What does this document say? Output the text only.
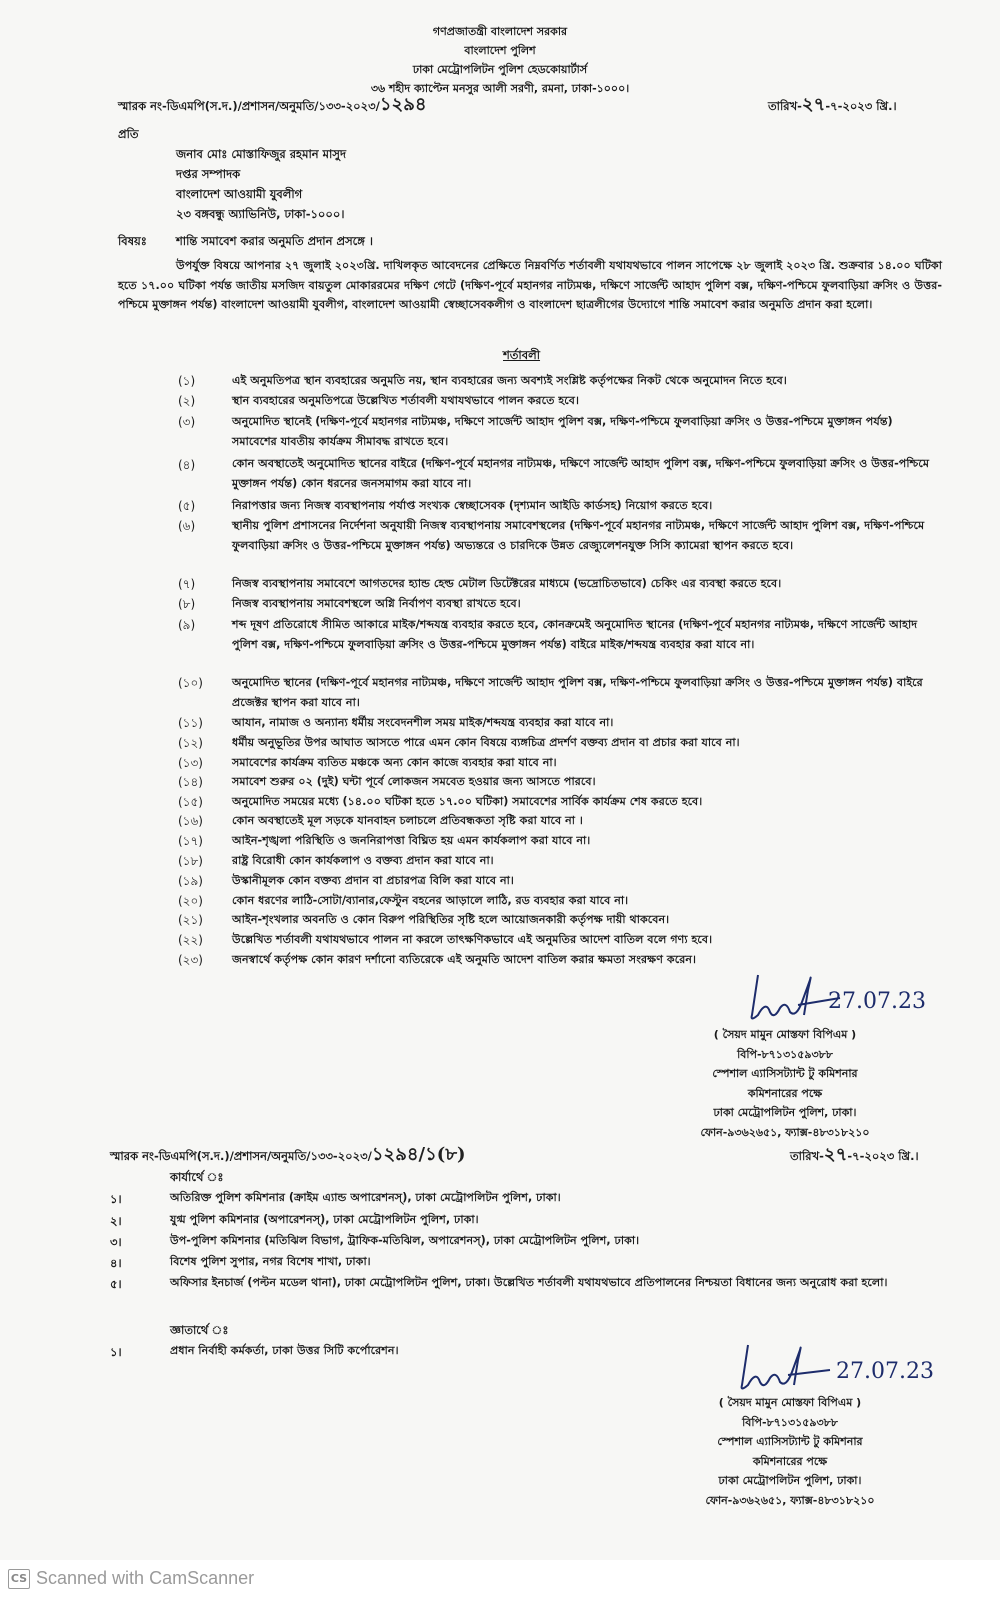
গণপ্রজাতন্ত্রী বাংলাদেশ সরকার
বাংলাদেশ পুলিশ
ঢাকা মেট্রোপলিটন পুলিশ হেডকোয়ার্টার্স
৩৬ শহীদ ক্যাপ্টেন মনসুর আলী সরণী, রমনা, ঢাকা-১০০০।
স্মারক নং-ডিএমপি(স.দ.)/প্রশাসন/অনুমতি/১৩৩-২০২৩/১২৯৪	তারিখ-২৭-৭-২০২৩ খ্রি.।
প্রতি
জনাব মোঃ মোস্তাফিজুর রহমান মাসুদ
দপ্তর সম্পাদক
বাংলাদেশ আওয়ামী যুবলীগ
২৩ বঙ্গবন্ধু অ্যাভিনিউ, ঢাকা-১০০০।
বিষয়ঃ	শান্তি সমাবেশ করার অনুমতি প্রদান প্রসঙ্গে ।
উপর্যুক্ত বিষয়ে আপনার ২৭ জুলাই ২০২৩খ্রি. দাখিলকৃত আবেদনের প্রেক্ষিতে নিম্নবর্ণিত শর্তাবলী যথাযথভাবে পালন সাপেক্ষে ২৮ জুলাই ২০২৩ খ্রি. শুক্রবার ১৪.০০ ঘটিকা হতে ১৭.০০ ঘটিকা পর্যন্ত জাতীয় মসজিদ বায়তুল মোকাররমের দক্ষিণ গেটে (দক্ষিণ-পূর্বে মহানগর নাট্যমঞ্চ, দক্ষিণে সার্জেন্ট আহাদ পুলিশ বক্স, দক্ষিণ-পশ্চিমে ফুলবাড়িয়া ক্রসিং ও উত্তর-পশ্চিমে মুক্তাঙ্গন পর্যন্ত) বাংলাদেশ আওয়ামী যুবলীগ, বাংলাদেশ আওয়ামী স্বেচ্ছাসেবকলীগ ও বাংলাদেশ ছাত্রলীগের উদ্যোগে শান্তি সমাবেশ করার অনুমতি প্রদান করা হলো।
শর্তাবলী
(১)	এই অনুমতিপত্র স্থান ব্যবহারের অনুমতি নয়, স্থান ব্যবহারের জন্য অবশ্যই সংশ্লিষ্ট কর্তৃপক্ষের নিকট থেকে অনুমোদন নিতে হবে।
(২)	স্থান ব্যবহারের অনুমতিপত্রে উল্লেখিত শর্তাবলী যথাযথভাবে পালন করতে হবে।
(৩)	অনুমোদিত স্থানেই (দক্ষিণ-পূর্বে মহানগর নাট্যমঞ্চ, দক্ষিণে সার্জেন্ট আহাদ পুলিশ বক্স, দক্ষিণ-পশ্চিমে ফুলবাড়িয়া ক্রসিং ও উত্তর-পশ্চিমে মুক্তাঙ্গন পর্যন্ত) সমাবেশের যাবতীয় কার্যক্রম সীমাবদ্ধ রাখতে হবে।
(৪)	কোন অবস্থাতেই অনুমোদিত স্থানের বাইরে (দক্ষিণ-পূর্বে মহানগর নাট্যমঞ্চ, দক্ষিণে সার্জেন্ট আহাদ পুলিশ বক্স, দক্ষিণ-পশ্চিমে ফুলবাড়িয়া ক্রসিং ও উত্তর-পশ্চিমে মুক্তাঙ্গন পর্যন্ত) কোন ধরনের জনসমাগম করা যাবে না।
(৫)	নিরাপত্তার জন্য নিজস্ব ব্যবস্থাপনায় পর্যাপ্ত সংখ্যক স্বেচ্ছাসেবক (দৃশ্যমান আইডি কার্ডসহ) নিয়োগ করতে হবে।
(৬)	স্থানীয় পুলিশ প্রশাসনের নির্দেশনা অনুযায়ী নিজস্ব ব্যবস্থাপনায় সমাবেশস্থলের (দক্ষিণ-পূর্বে মহানগর নাট্যমঞ্চ, দক্ষিণে সার্জেন্ট আহাদ পুলিশ বক্স, দক্ষিণ-পশ্চিমে ফুলবাড়িয়া ক্রসিং ও উত্তর-পশ্চিমে মুক্তাঙ্গন পর্যন্ত) অভ্যন্তরে ও চারদিকে উন্নত রেজ্যুলেশনযুক্ত সিসি ক্যামেরা স্থাপন করতে হবে।
(৭)	নিজস্ব ব্যবস্থাপনায় সমাবেশে আগতদের হ্যান্ড হেল্ড মেটাল ডিটেক্টরের মাধ্যমে (ভদ্রোচিতভাবে) চেকিং এর ব্যবস্থা করতে হবে।
(৮)	নিজস্ব ব্যবস্থাপনায় সমাবেশস্থলে অগ্নি নির্বাপণ ব্যবস্থা রাখতে হবে।
(৯)	শব্দ দূষণ প্রতিরোধে সীমিত আকারে মাইক/শব্দযন্ত্র ব্যবহার করতে হবে, কোনক্রমেই অনুমোদিত স্থানের (দক্ষিণ-পূর্বে মহানগর নাট্যমঞ্চ, দক্ষিণে সার্জেন্ট আহাদ পুলিশ বক্স, দক্ষিণ-পশ্চিমে ফুলবাড়িয়া ক্রসিং ও উত্তর-পশ্চিমে মুক্তাঙ্গন পর্যন্ত) বাইরে মাইক/শব্দযন্ত্র ব্যবহার করা যাবে না।
(১০)	অনুমোদিত স্থানের (দক্ষিণ-পূর্বে মহানগর নাট্যমঞ্চ, দক্ষিণে সার্জেন্ট আহাদ পুলিশ বক্স, দক্ষিণ-পশ্চিমে ফুলবাড়িয়া ক্রসিং ও উত্তর-পশ্চিমে মুক্তাঙ্গন পর্যন্ত) বাইরে প্রজেক্টর স্থাপন করা যাবে না।
(১১)	আযান, নামাজ ও অন্যান্য ধর্মীয় সংবেদনশীল সময় মাইক/শব্দযন্ত্র ব্যবহার করা যাবে না।
(১২)	ধর্মীয় অনুভূতির উপর আঘাত আসতে পারে এমন কোন বিষয়ে ব্যঙ্গচিত্র প্রদর্শণ বক্তব্য প্রদান বা প্রচার করা যাবে না।
(১৩)	সমাবেশের কার্যক্রম ব্যতিত মঞ্চকে অন্য কোন কাজে ব্যবহার করা যাবে না।
(১৪)	সমাবেশ শুরুর ০২ (দুই) ঘন্টা পূর্বে লোকজন সমবেত হওয়ার জন্য আসতে পারবে।
(১৫)	অনুমোদিত সময়ের মধ্যে (১৪.০০ ঘটিকা হতে ১৭.০০ ঘটিকা) সমাবেশের সার্বিক কার্যক্রম শেষ করতে হবে।
(১৬)	কোন অবস্থাতেই মূল সড়কে যানবাহন চলাচলে প্রতিবন্ধকতা সৃষ্টি করা যাবে না ।
(১৭)	আইন-শৃঙ্খলা পরিস্থিতি ও জননিরাপত্তা বিঘ্নিত হয় এমন কার্যকলাপ করা যাবে না।
(১৮)	রাষ্ট্র বিরোধী কোন কার্যকলাপ ও বক্তব্য প্রদান করা যাবে না।
(১৯)	উস্কানীমূলক কোন বক্তব্য প্রদান বা প্রচারপত্র বিলি করা যাবে না।
(২০)	কোন ধরণের লাঠি-সোটা/ব্যানার,ফেস্টুন বহনের আড়ালে লাঠি, রড ব্যবহার করা যাবে না।
(২১)	আইন-শৃংখলার অবনতি ও কোন বিরুপ পরিস্থিতির সৃষ্টি হলে আয়োজনকারী কর্তৃপক্ষ দায়ী থাকবেন।
(২২)	উল্লেখিত শর্তাবলী যথাযথভাবে পালন না করলে তাৎক্ষণিকভাবে এই অনুমতির আদেশ বাতিল বলে গণ্য হবে।
(২৩)	জনস্বার্থে কর্তৃপক্ষ কোন কারণ দর্শানো ব্যতিরেকে এই অনুমতি আদেশ বাতিল করার ক্ষমতা সংরক্ষণ করেন।
27.07.23
( সৈয়দ মামুন মোস্তফা বিপিএম )
বিপি-৮৭১৩১৫৯৩৮৮
স্পেশাল এ্যাসিসট্যান্ট টু কমিশনার
কমিশনারের পক্ষে
ঢাকা মেট্রোপলিটন পুলিশ, ঢাকা।
ফোন-৯৩৬২৬৫১, ফ্যাক্স-৪৮৩১৮২১০
স্মারক নং-ডিএমপি(স.দ.)/প্রশাসন/অনুমতি/১৩৩-২০২৩/১২৯৪/১(৮)	তারিখ-২৭-৭-২০২৩ খ্রি.।
কার্যার্থে ঃ
১।	অতিরিক্ত পুলিশ কমিশনার (ক্রাইম এ্যান্ড অপারেশনস্), ঢাকা মেট্রোপলিটন পুলিশ, ঢাকা।
২।	যুগ্ম পুলিশ কমিশনার (অপারেশনস্), ঢাকা মেট্রোপলিটন পুলিশ, ঢাকা।
৩।	উপ-পুলিশ কমিশনার (মতিঝিল বিভাগ, ট্রাফিক-মতিঝিল, অপারেশনস্), ঢাকা মেট্রোপলিটন পুলিশ, ঢাকা।
৪।	বিশেষ পুলিশ সুপার, নগর বিশেষ শাখা, ঢাকা।
৫।	অফিসার ইনচার্জ (পল্টন মডেল থানা), ঢাকা মেট্রোপলিটন পুলিশ, ঢাকা। উল্লেখিত শর্তাবলী যথাযথভাবে প্রতিপালনের নিশ্চয়তা বিধানের জন্য অনুরোধ করা হলো।
জ্ঞাতার্থে ঃ
১।	প্রধান নির্বাহী কর্মকর্তা, ঢাকা উত্তর সিটি কর্পোরেশন।
27.07.23
( সৈয়দ মামুন মোস্তফা বিপিএম )
বিপি-৮৭১৩১৫৯৩৮৮
স্পেশাল এ্যাসিসট্যান্ট টু কমিশনার
কমিশনারের পক্ষে
ঢাকা মেট্রোপলিটন পুলিশ, ঢাকা।
ফোন-৯৩৬২৬৫১, ফ্যাক্স-৪৮৩১৮২১০
CS Scanned with CamScanner
